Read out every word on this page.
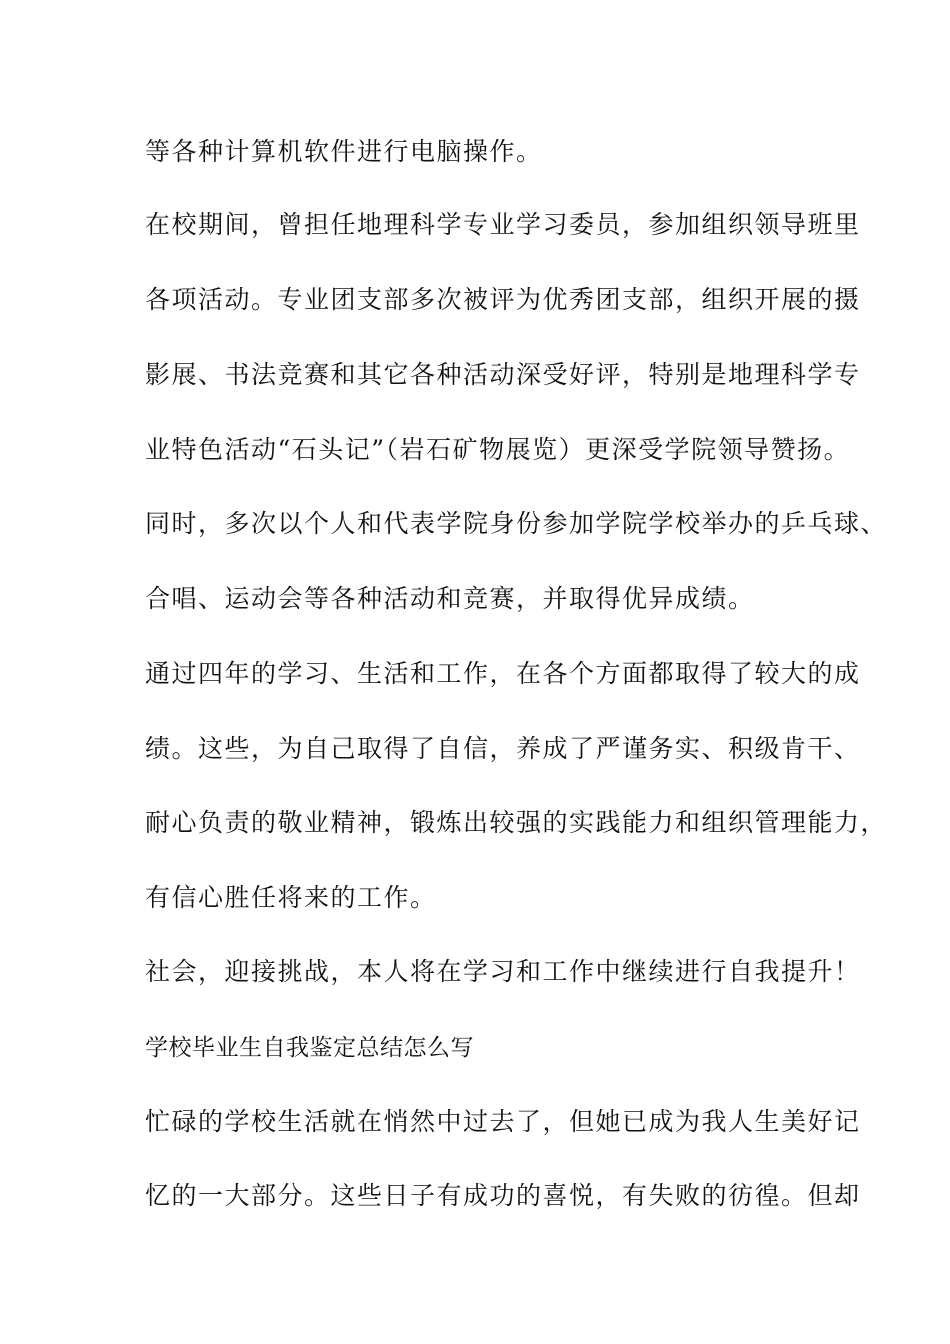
等各种计算机软件进行电脑操作。
在校期间，曾担任地理科学专业学习委员，参加组织领导班里
各项活动。专业团支部多次被评为优秀团支部，组织开展的摄
影展、书法竞赛和其它各种活动深受好评，特别是地理科学专
业特色活动“石头记”（岩石矿物展览）更深受学院领导赞扬。
同时，多次以个人和代表学院身份参加学院学校举办的乒乓球、
合唱、运动会等各种活动和竞赛，并取得优异成绩。
通过四年的学习、生活和工作，在各个方面都取得了较大的成
绩。这些，为自己取得了自信，养成了严谨务实、积级肯干、
耐心负责的敬业精神，锻炼出较强的实践能力和组织管理能力，
有信心胜任将来的工作。
社会，迎接挑战，本人将在学习和工作中继续进行自我提升！
学校毕业生自我鉴定总结怎么写
忙碌的学校生活就在悄然中过去了，但她已成为我人生美好记
忆的一大部分。这些日子有成功的喜悦，有失败的彷徨。但却
